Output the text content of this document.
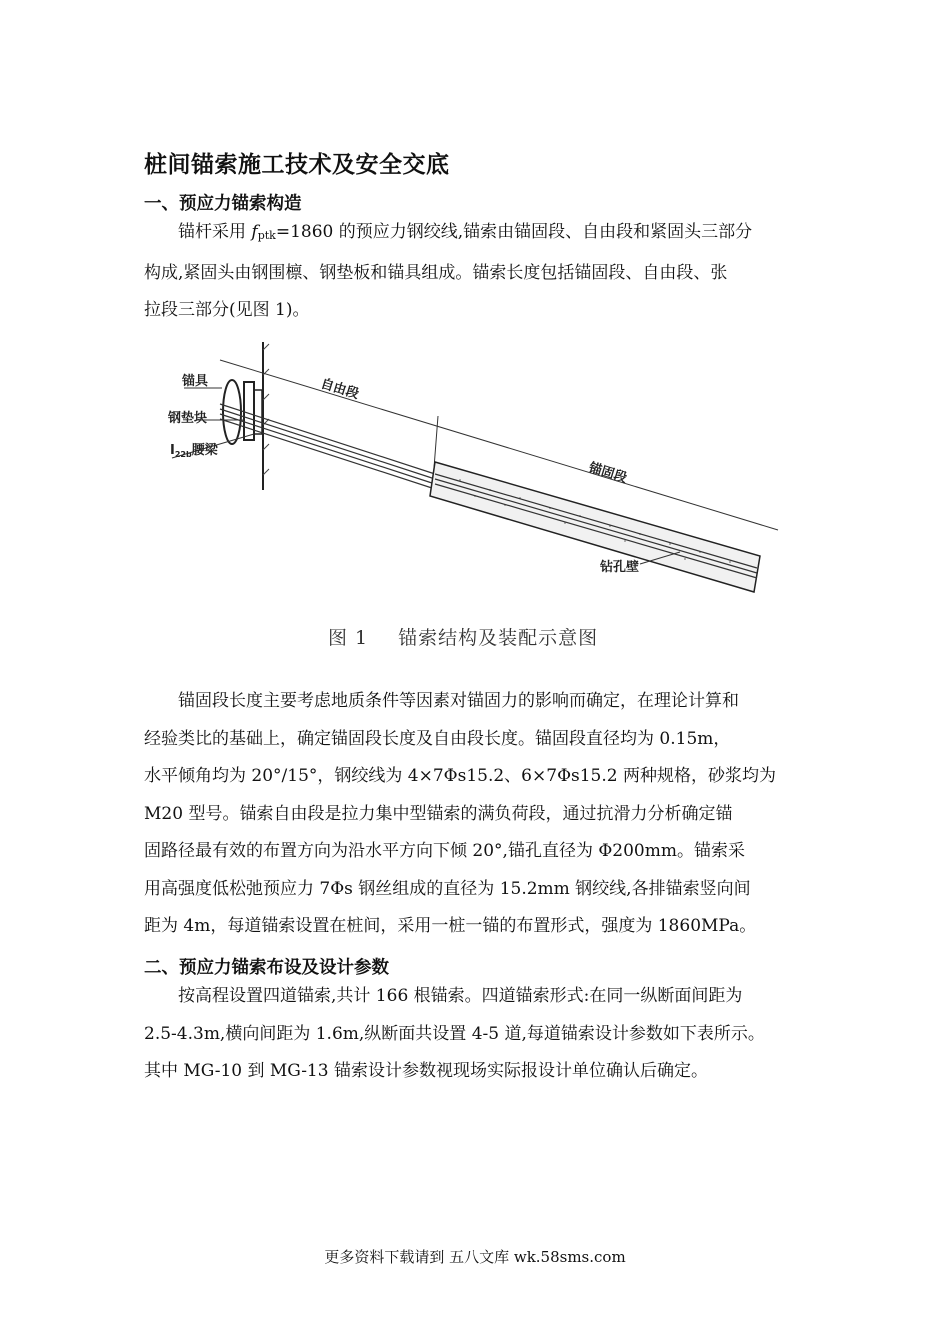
桩间锚索施工技术及安全交底
一、预应力锚索构造

锚杆采用 $f_{ptk}=1860$ 的预应力钢绞线,锚索由锚固段、自由段和紧固头三部分

构成,紧固头由钢围檩、钢垫板和锚具组成。锚索长度包括锚固段、自由段、张

拉段三部分(见图 1)。

锚具
钢垫块
$I_{22b}$腰梁
自由段
锚固段
钻孔壁
图 1 锚索结构及装配示意图

锚固段长度主要考虑地质条件等因素对锚固力的影响而确定，在理论计算和

经验类比的基础上，确定锚固段长度及自由段长度。锚固段直径均为 0.15m，

水平倾角均为 20°/15°，钢绞线为 4×7Φs15.2、6×7Φs15.2 两种规格，砂浆均为

M20 型号。锚索自由段是拉力集中型锚索的满负荷段，通过抗滑力分析确定锚

固路径最有效的布置方向为沿水平方向下倾 20°,锚孔直径为 Φ200mm。锚索采

用高强度低松弛预应力 7Φs 钢丝组成的直径为 15.2mm 钢绞线,各排锚索竖向间

距为 4m，每道锚索设置在桩间，采用一桩一锚的布置形式，强度为 1860MPa。

二、预应力锚索布设及设计参数

按高程设置四道锚索,共计 166 根锚索。四道锚索形式:在同一纵断面间距为

2.5-4.3m,横向间距为 1.6m,纵断面共设置 4-5 道,每道锚索设计参数如下表所示。

其中 MG-10 到 MG-13 锚索设计参数视现场实际报设计单位确认后确定。

更多资料下载请到 五八文库 wk.58sms.com
